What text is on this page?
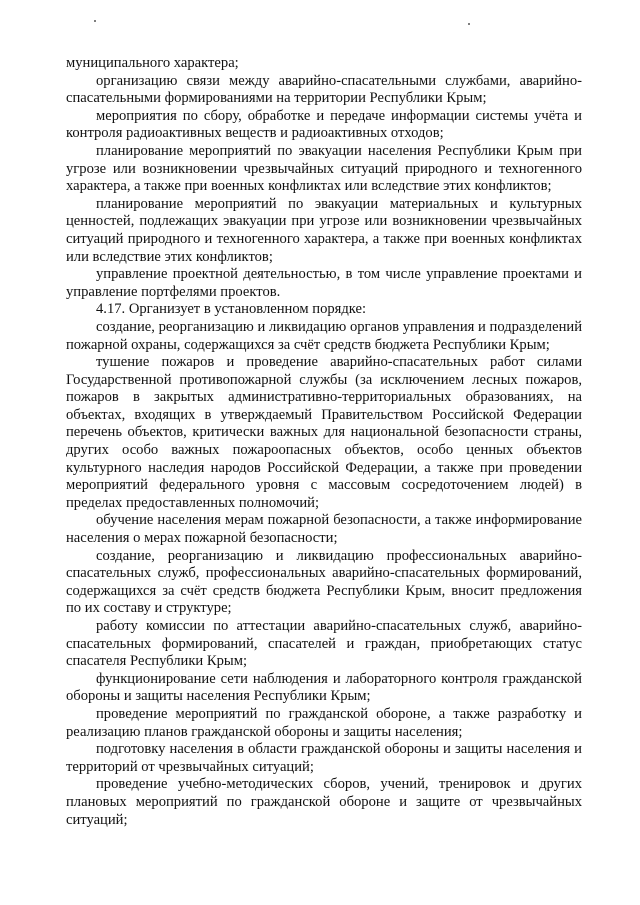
муниципального характера;

организацию связи между аварийно-спасательными службами, аварийно-спасательными формированиями на территории Республики Крым;

мероприятия по сбору, обработке и передаче информации системы учёта и контроля радиоактивных веществ и радиоактивных отходов;

планирование мероприятий по эвакуации населения Республики Крым при угрозе или возникновении чрезвычайных ситуаций природного и техногенного характера, а также при военных конфликтах или вследствие этих конфликтов;

планирование мероприятий по эвакуации материальных и культурных ценностей, подлежащих эвакуации при угрозе или возникновении чрезвычайных ситуаций природного и техногенного характера, а также при военных конфликтах или вследствие этих конфликтов;

управление проектной деятельностью, в том числе управление проектами и управление портфелями проектов.

4.17. Организует в установленном порядке:

создание, реорганизацию и ликвидацию органов управления и подразделений пожарной охраны, содержащихся за счёт средств бюджета Республики Крым;

тушение пожаров и проведение аварийно-спасательных работ силами Государственной противопожарной службы (за исключением лесных пожаров, пожаров в закрытых административно-территориальных образованиях, на объектах, входящих в утверждаемый Правительством Российской Федерации перечень объектов, критически важных для национальной безопасности страны, других особо важных пожароопасных объектов, особо ценных объектов культурного наследия народов Российской Федерации, а также при проведении мероприятий федерального уровня с массовым сосредоточением людей) в пределах предоставленных полномочий;

обучение населения мерам пожарной безопасности, а также информирование населения о мерах пожарной безопасности;

создание, реорганизацию и ликвидацию профессиональных аварийно-спасательных служб, профессиональных аварийно-спасательных формирований, содержащихся за счёт средств бюджета Республики Крым, вносит предложения по их составу и структуре;

работу комиссии по аттестации аварийно-спасательных служб, аварийно-спасательных формирований, спасателей и граждан, приобретающих статус спасателя Республики Крым;

функционирование сети наблюдения и лабораторного контроля гражданской обороны и защиты населения Республики Крым;

проведение мероприятий по гражданской обороне, а также разработку и реализацию планов гражданской обороны и защиты населения;

подготовку населения в области гражданской обороны и защиты населения и территорий от чрезвычайных ситуаций;

проведение учебно-методических сборов, учений, тренировок и других плановых мероприятий по гражданской обороне и защите от чрезвычайных ситуаций;
